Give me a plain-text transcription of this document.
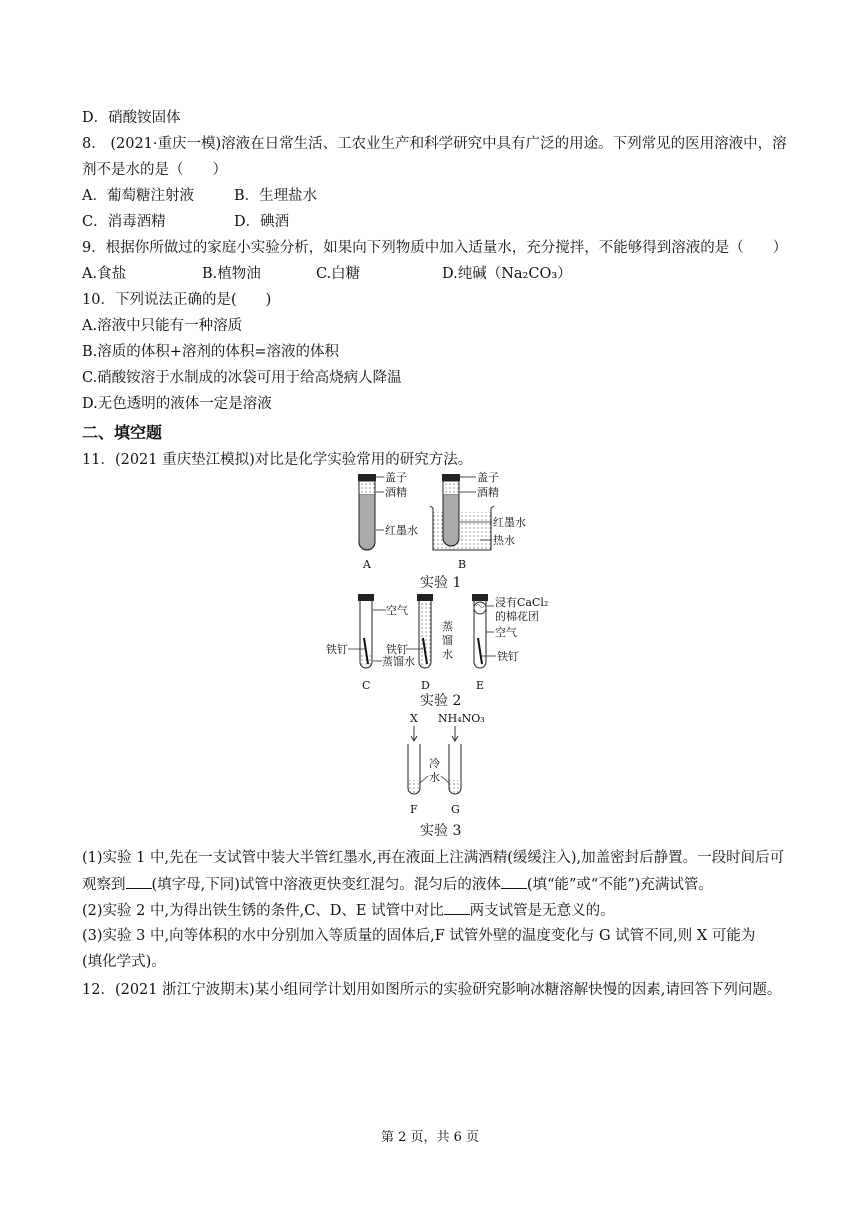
D．硝酸铵固体
8． (2021·重庆一模)溶液在日常生活、工农业生产和科学研究中具有广泛的用途。下列常见的医用溶液中，溶
剂不是水的是（　　）
A．葡萄糖注射液	B．生理盐水
C．消毒酒精	D．碘酒
9．根据你所做过的家庭小实验分析，如果向下列物质中加入适量水，充分搅拌，不能够得到溶液的是（　　）
A.食盐	B.植物油	C.白糖	D.纯碱（Na₂CO₃）
10．下列说法正确的是(　　)
A.溶液中只能有一种溶质
B.溶质的体积+溶剂的体积=溶液的体积
C.硝酸铵溶于水制成的冰袋可用于给高烧病人降温
D.无色透明的液体一定是溶液
二、填空题
11．(2021 重庆垫江模拟)对比是化学实验常用的研究方法。
盖子
酒精
红墨水
A
盖子
酒精
红墨水
热水
B
空气
铁钉
蒸馏水
C
铁钉
蒸
馏
水
D
浸有CaCl₂
的棉花团
空气
铁钉
E
X NH₄NO₃
冷
水
F	G
实验 1
实验 2
实验 3
(1)实验 1 中,先在一支试管中装大半管红墨水,再在液面上注满酒精(缓缓注入),加盖密封后静置。一段时间后可
观察到 (填字母,下同)试管中溶液更快变红混匀。混匀后的液体 (填“能”或“不能”)充满试管。
(2)实验 2 中,为得出铁生锈的条件,C、D、E 试管中对比 两支试管是无意义的。
(3)实验 3 中,向等体积的水中分别加入等质量的固体后,F 试管外壁的温度变化与 G 试管不同,则 X 可能为
(填化学式)。
12．(2021 浙江宁波期末)某小组同学计划用如图所示的实验研究影响冰糖溶解快慢的因素,请回答下列问题。
第 2 页，共 6 页
